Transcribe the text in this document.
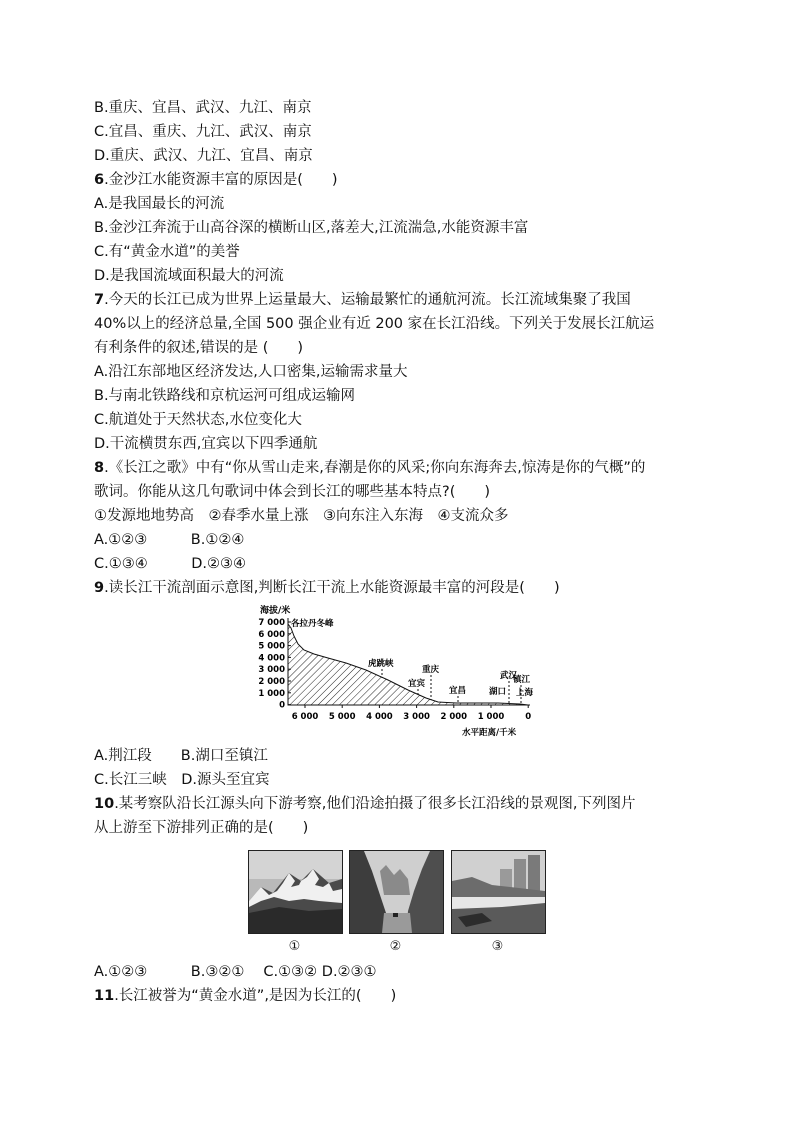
B.重庆、宜昌、武汉、九江、南京
C.宜昌、重庆、九江、武汉、南京
D.重庆、武汉、九江、宜昌、南京
6.金沙江水能资源丰富的原因是(　　)
A.是我国最长的河流
B.金沙江奔流于山高谷深的横断山区,落差大,江流湍急,水能资源丰富
C.有“黄金水道”的美誉
D.是我国流域面积最大的河流
7.今天的长江已成为世界上运量最大、运输最繁忙的通航河流。长江流域集聚了我国
40%以上的经济总量,全国 500 强企业有近 200 家在长江沿线。下列关于发展长江航运
有利条件的叙述,错误的是 (　　)
A.沿江东部地区经济发达,人口密集,运输需求量大
B.与南北铁路线和京杭运河可组成运输网
C.航道处于天然状态,水位变化大
D.干流横贯东西,宜宾以下四季通航
8.《长江之歌》中有“你从雪山走来,春潮是你的风采;你向东海奔去,惊涛是你的气概”的
歌词。你能从这几句歌词中体会到长江的哪些基本特点?(　　)
①发源地地势高　②春季水量上涨　③向东注入东海　④支流众多
A.①②③　　　B.①②④
C.①③④　　　D.②③④
9.读长江干流剖面示意图,判断长江干流上水能资源最丰富的河段是(　　)
海拔/米
7 000
6 000
5 000
4 000
3 000
2 000
1 000
0
6 000 5 000 4 000 3 000 2 000 1 000 0
各拉丹冬峰
虎跳峡
重庆
宜宾
宜昌
武汉
湖口
镇江
上海
水平距离/千米
A.荆江段　　B.湖口至镇江
C.长江三峡　D.源头至宜宾
10.某考察队沿长江源头向下游考察,他们沿途拍摄了很多长江沿线的景观图,下列图片
从上游至下游排列正确的是(　　)
①	②	③
A.①②③　　　B.③②①　 C.①③② D.②③①
11.长江被誉为“黄金水道”,是因为长江的(　　)
